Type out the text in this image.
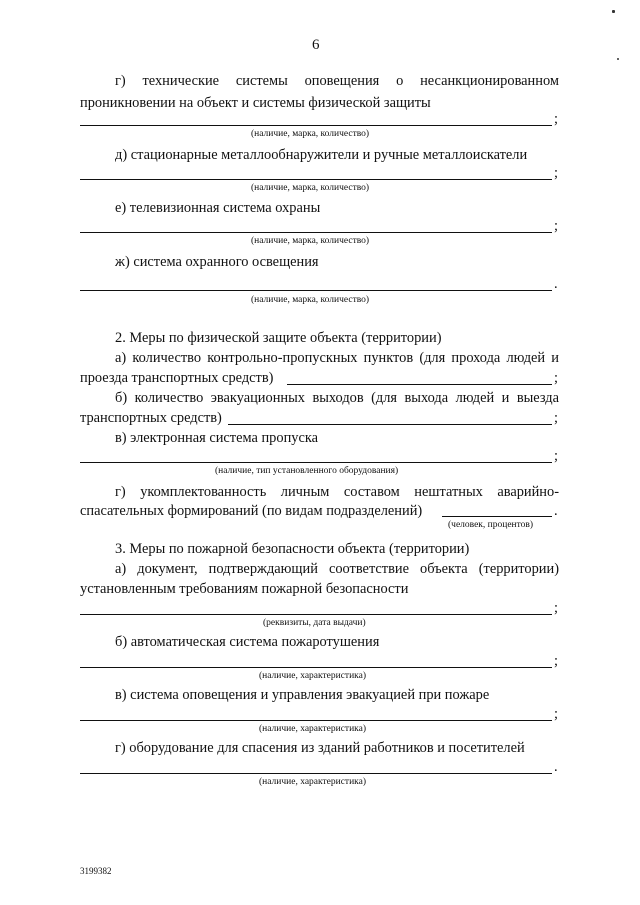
6
г) технические системы оповещения о несанкционированном
проникновении на объект и системы физической защиты
;
(наличие, марка, количество)
д) стационарные металлообнаружители и ручные металлоискатели
;
(наличие, марка, количество)
е) телевизионная система охраны
;
(наличие, марка, количество)
ж) система охранного освещения
.
(наличие, марка, количество)
2. Меры по физической защите объекта (территории)
а) количество контрольно-пропускных пунктов (для прохода людей и
проезда транспортных средств)	;
б) количество эвакуационных выходов (для выхода людей и выезда
транспортных средств)	;
в) электронная система пропуска
;
(наличие, тип установленного оборудования)
г) укомплектованность личным составом нештатных аварийно-
спасательных формирований (по видам подразделений)	.
(человек, процентов)
3. Меры по пожарной безопасности объекта (территории)
а) документ, подтверждающий соответствие объекта (территории)
установленным требованиям пожарной безопасности
;
(реквизиты, дата выдачи)
б) автоматическая система пожаротушения
;
(наличие, характеристика)
в) система оповещения и управления эвакуацией при пожаре
;
(наличие, характеристика)
г) оборудование для спасения из зданий работников и посетителей
.
(наличие, характеристика)
3199382
